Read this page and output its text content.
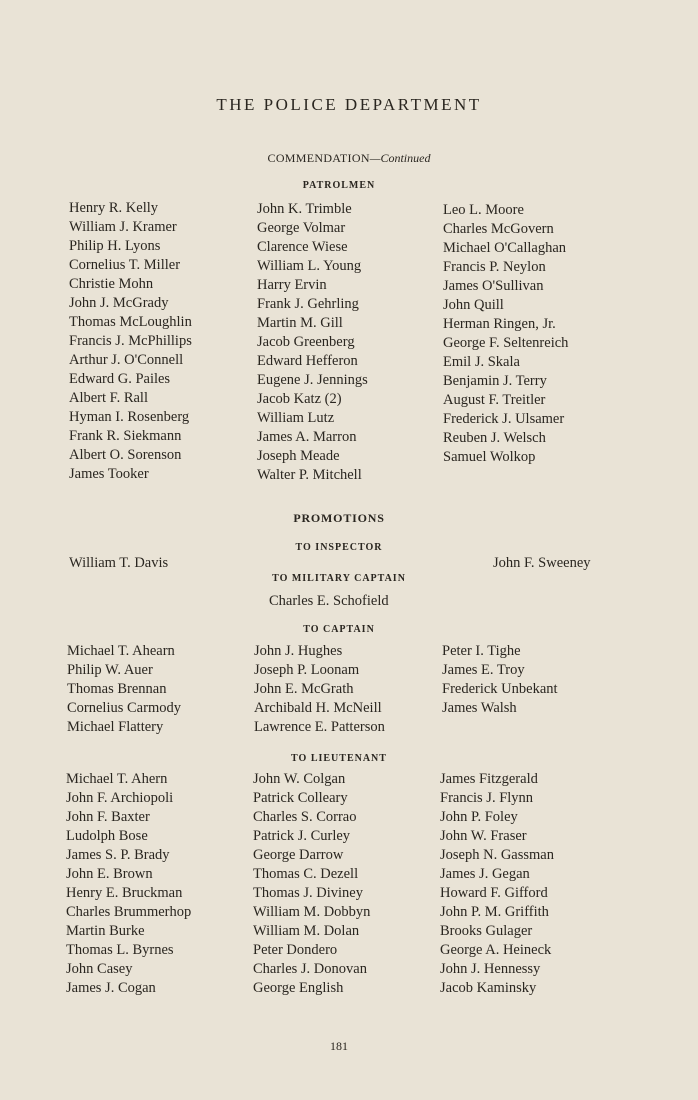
THE POLICE DEPARTMENT
COMMENDATION—Continued
PATROLMEN
Henry R. Kelly
William J. Kramer
Philip H. Lyons
Cornelius T. Miller
Christie Mohn
John J. McGrady
Thomas McLoughlin
Francis J. McPhillips
Arthur J. O'Connell
Edward G. Pailes
Albert F. Rall
Hyman I. Rosenberg
Frank R. Siekmann
Albert O. Sorenson
James Tooker
John K. Trimble
George Volmar
Clarence Wiese
William L. Young
Harry Ervin
Frank J. Gehrling
Martin M. Gill
Jacob Greenberg
Edward Hefferon
Eugene J. Jennings
Jacob Katz (2)
William Lutz
James A. Marron
Joseph Meade
Walter P. Mitchell
Leo L. Moore
Charles McGovern
Michael O'Callaghan
Francis P. Neylon
James O'Sullivan
John Quill
Herman Ringen, Jr.
George F. Seltenreich
Emil J. Skala
Benjamin J. Terry
August F. Treitler
Frederick J. Ulsamer
Reuben J. Welsch
Samuel Wolkop
PROMOTIONS
TO INSPECTOR
William T. Davis	John F. Sweeney
TO MILITARY CAPTAIN
Charles E. Schofield
TO CAPTAIN
Michael T. Ahearn
Philip W. Auer
Thomas Brennan
Cornelius Carmody
Michael Flattery
John J. Hughes
Joseph P. Loonam
John E. McGrath
Archibald H. McNeill
Lawrence E. Patterson
Peter I. Tighe
James E. Troy
Frederick Unbekant
James Walsh
TO LIEUTENANT
Michael T. Ahern
John F. Archiopoli
John F. Baxter
Ludolph Bose
James S. P. Brady
John E. Brown
Henry E. Bruckman
Charles Brummerhop
Martin Burke
Thomas L. Byrnes
John Casey
James J. Cogan
John W. Colgan
Patrick Colleary
Charles S. Corrao
Patrick J. Curley
George Darrow
Thomas C. Dezell
Thomas J. Diviney
William M. Dobbyn
William M. Dolan
Peter Dondero
Charles J. Donovan
George English
James Fitzgerald
Francis J. Flynn
John P. Foley
John W. Fraser
Joseph N. Gassman
James J. Gegan
Howard F. Gifford
John P. M. Griffith
Brooks Gulager
George A. Heineck
John J. Hennessy
Jacob Kaminsky
181
